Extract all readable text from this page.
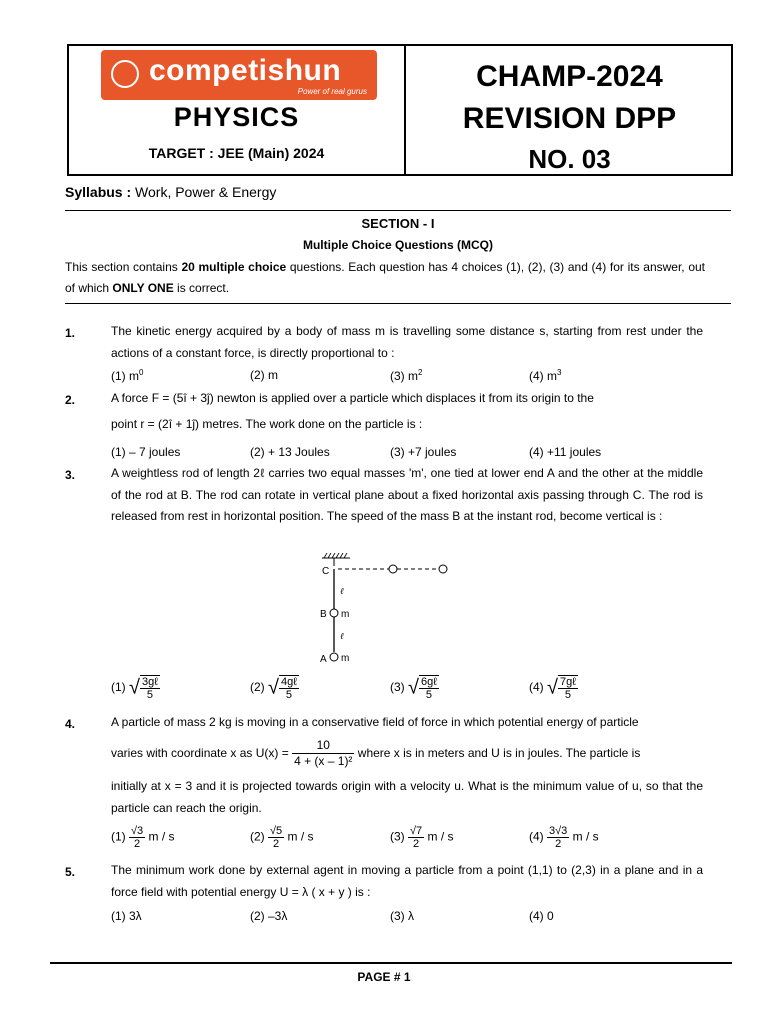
competishun
Power of real gurus
PHYSICS
TARGET : JEE (Main) 2024
CHAMP-2024
REVISION DPP
NO. 03
Syllabus : Work, Power & Energy
SECTION - I
Multiple Choice Questions (MCQ)
This section contains 20 multiple choice questions. Each question has 4 choices (1), (2), (3) and (4) for its answer, out of which ONLY ONE is correct.
1.	The kinetic energy acquired by a body of mass m is travelling some distance s, starting from rest under the actions of a constant force, is directly proportional to :
(1) $m^0$	(2) m	(3) $m^2$	(4) $m^3$
2.	A force F = (5î + 3ĵ) newton is applied over a particle which displaces it from its origin to the
point r = (2î + 1ĵ) metres. The work done on the particle is :
(1) – 7 joules	(2) + 13 Joules	(3) +7 joules	(4) +11 joules
3.	A weightless rod of length 2ℓ carries two equal masses 'm', one tied at lower end A and the other at the middle of the rod at B. The rod can rotate in vertical plane about a fixed horizontal axis passing through C. The rod is released from rest in horizontal position. The speed of the mass B at the instant rod, become vertical is :
C
B
A
m
m
ℓ
ℓ
(1) √ $\frac{\text{3gℓ}}{5}$	(2) √ $\frac{\text{4gℓ}}{5}$	(3) √ $\frac{\text{6gℓ}}{5}$	(4) √ $\frac{\text{7gℓ}}{5}$
4.	A particle of mass 2 kg is moving in a conservative field of force in which potential energy of particle
varies with coordinate x as $U(x) = \frac{10}{\text{4 + (x – 1)²}}$ where x is in meters and U is in joules. The particle is
initially at x = 3 and it is projected towards origin with a velocity u. What is the minimum value of u, so that the particle can reach the origin.
$(1) \frac{√3}{2}$ m / s	$(2) \frac{√5}{2}$ m / s	$(3) \frac{√7}{2}$ m / s	$(4) \frac{3√3}{2}$ m / s
5.	The minimum work done by external agent in moving a particle from a point (1,1) to (2,3) in a plane and in a force field with potential energy U = λ ( x + y ) is :
(1) 3λ	(2) –3λ	(3) λ	(4) 0
PAGE # 1
